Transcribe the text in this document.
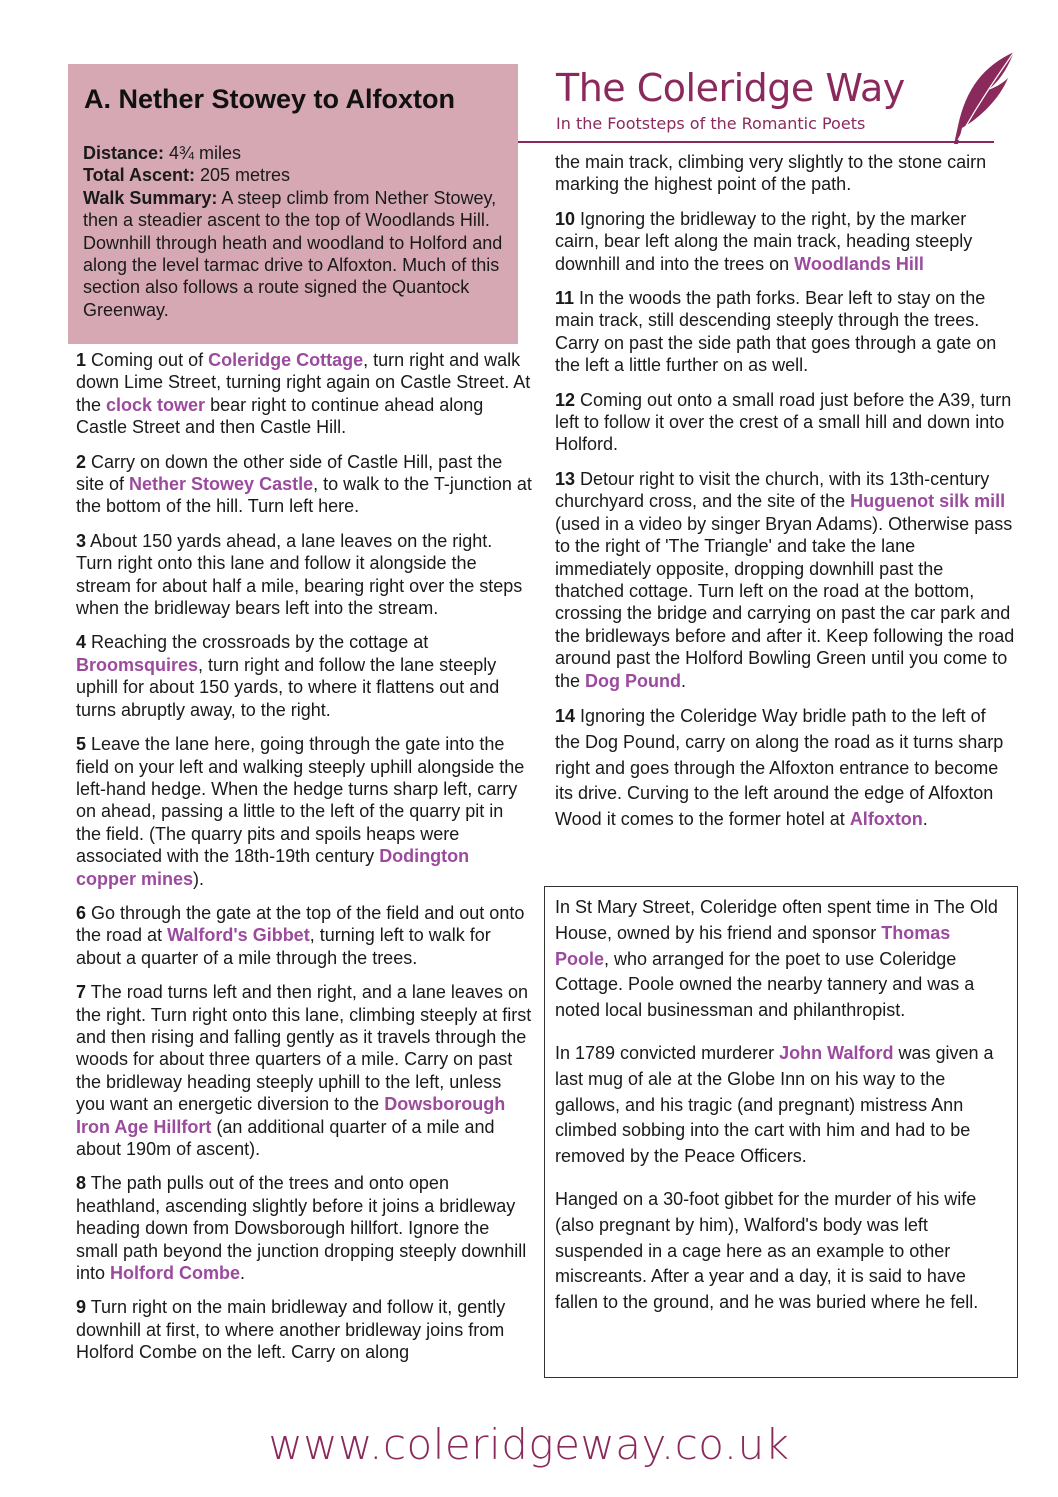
A. Nether Stowey to Alfoxton	The Coleridge Way
In the Footsteps of the Romantic Poets
Distance: 4¾ miles
Total Ascent: 205 metres
Walk Summary: A steep climb from Nether Stowey, then a steadier ascent to the top of Woodlands Hill. Downhill through heath and woodland to Holford and along the level tarmac drive to Alfoxton. Much of this section also follows a route signed the Quantock Greenway.

1 Coming out of Coleridge Cottage, turn right and walk down Lime Street, turning right again on Castle Street. At the clock tower bear right to continue ahead along Castle Street and then Castle Hill.

2 Carry on down the other side of Castle Hill, past the site of Nether Stowey Castle, to walk to the T-junction at the bottom of the hill. Turn left here.

3 About 150 yards ahead, a lane leaves on the right. Turn right onto this lane and follow it alongside the stream for about half a mile, bearing right over the steps when the bridleway bears left into the stream.

4 Reaching the crossroads by the cottage at Broomsquires, turn right and follow the lane steeply uphill for about 150 yards, to where it flattens out and turns abruptly away, to the right.

5 Leave the lane here, going through the gate into the field on your left and walking steeply uphill alongside the left-hand hedge. When the hedge turns sharp left, carry on ahead, passing a little to the left of the quarry pit in the field. (The quarry pits and spoils heaps were associated with the 18th-19th century Dodington copper mines).

6 Go through the gate at the top of the field and out onto the road at Walford's Gibbet, turning left to walk for about a quarter of a mile through the trees.

7 The road turns left and then right, and a lane leaves on the right. Turn right onto this lane, climbing steeply at first and then rising and falling gently as it travels through the woods for about three quarters of a mile. Carry on past the bridleway heading steeply uphill to the left, unless you want an energetic diversion to the Dowsborough Iron Age Hillfort (an additional quarter of a mile and about 190m of ascent).

8 The path pulls out of the trees and onto open heathland, ascending slightly before it joins a bridleway heading down from Dowsborough hillfort. Ignore the small path beyond the junction dropping steeply downhill into Holford Combe.

9 Turn right on the main bridleway and follow it, gently downhill at first, to where another bridleway joins from Holford Combe on the left. Carry on along

the main track, climbing very slightly to the stone cairn marking the highest point of the path.

10 Ignoring the bridleway to the right, by the marker cairn, bear left along the main track, heading steeply downhill and into the trees on Woodlands Hill

11 In the woods the path forks. Bear left to stay on the main track, still descending steeply through the trees. Carry on past the side path that goes through a gate on the left a little further on as well.

12 Coming out onto a small road just before the A39, turn left to follow it over the crest of a small hill and down into Holford.

13 Detour right to visit the church, with its 13th-century churchyard cross, and the site of the Huguenot silk mill (used in a video by singer Bryan Adams). Otherwise pass to the right of 'The Triangle' and take the lane immediately opposite, dropping downhill past the thatched cottage. Turn left on the road at the bottom, crossing the bridge and carrying on past the car park and the bridleways before and after it. Keep following the road around past the Holford Bowling Green until you come to the Dog Pound.

14 Ignoring the Coleridge Way bridle path to the left of the Dog Pound, carry on along the road as it turns sharp right and goes through the Alfoxton entrance to become its drive. Curving to the left around the edge of Alfoxton Wood it comes to the former hotel at Alfoxton.

In St Mary Street, Coleridge often spent time in The Old House, owned by his friend and sponsor Thomas Poole, who arranged for the poet to use Coleridge Cottage. Poole owned the nearby tannery and was a noted local businessman and philanthropist.

In 1789 convicted murderer John Walford was given a last mug of ale at the Globe Inn on his way to the gallows, and his tragic (and pregnant) mistress Ann climbed sobbing into the cart with him and had to be removed by the Peace Officers.

Hanged on a 30-foot gibbet for the murder of his wife (also pregnant by him), Walford's body was left suspended in a cage here as an example to other miscreants. After a year and a day, it is said to have fallen to the ground, and he was buried where he fell.

www.coleridgeway.co.uk
